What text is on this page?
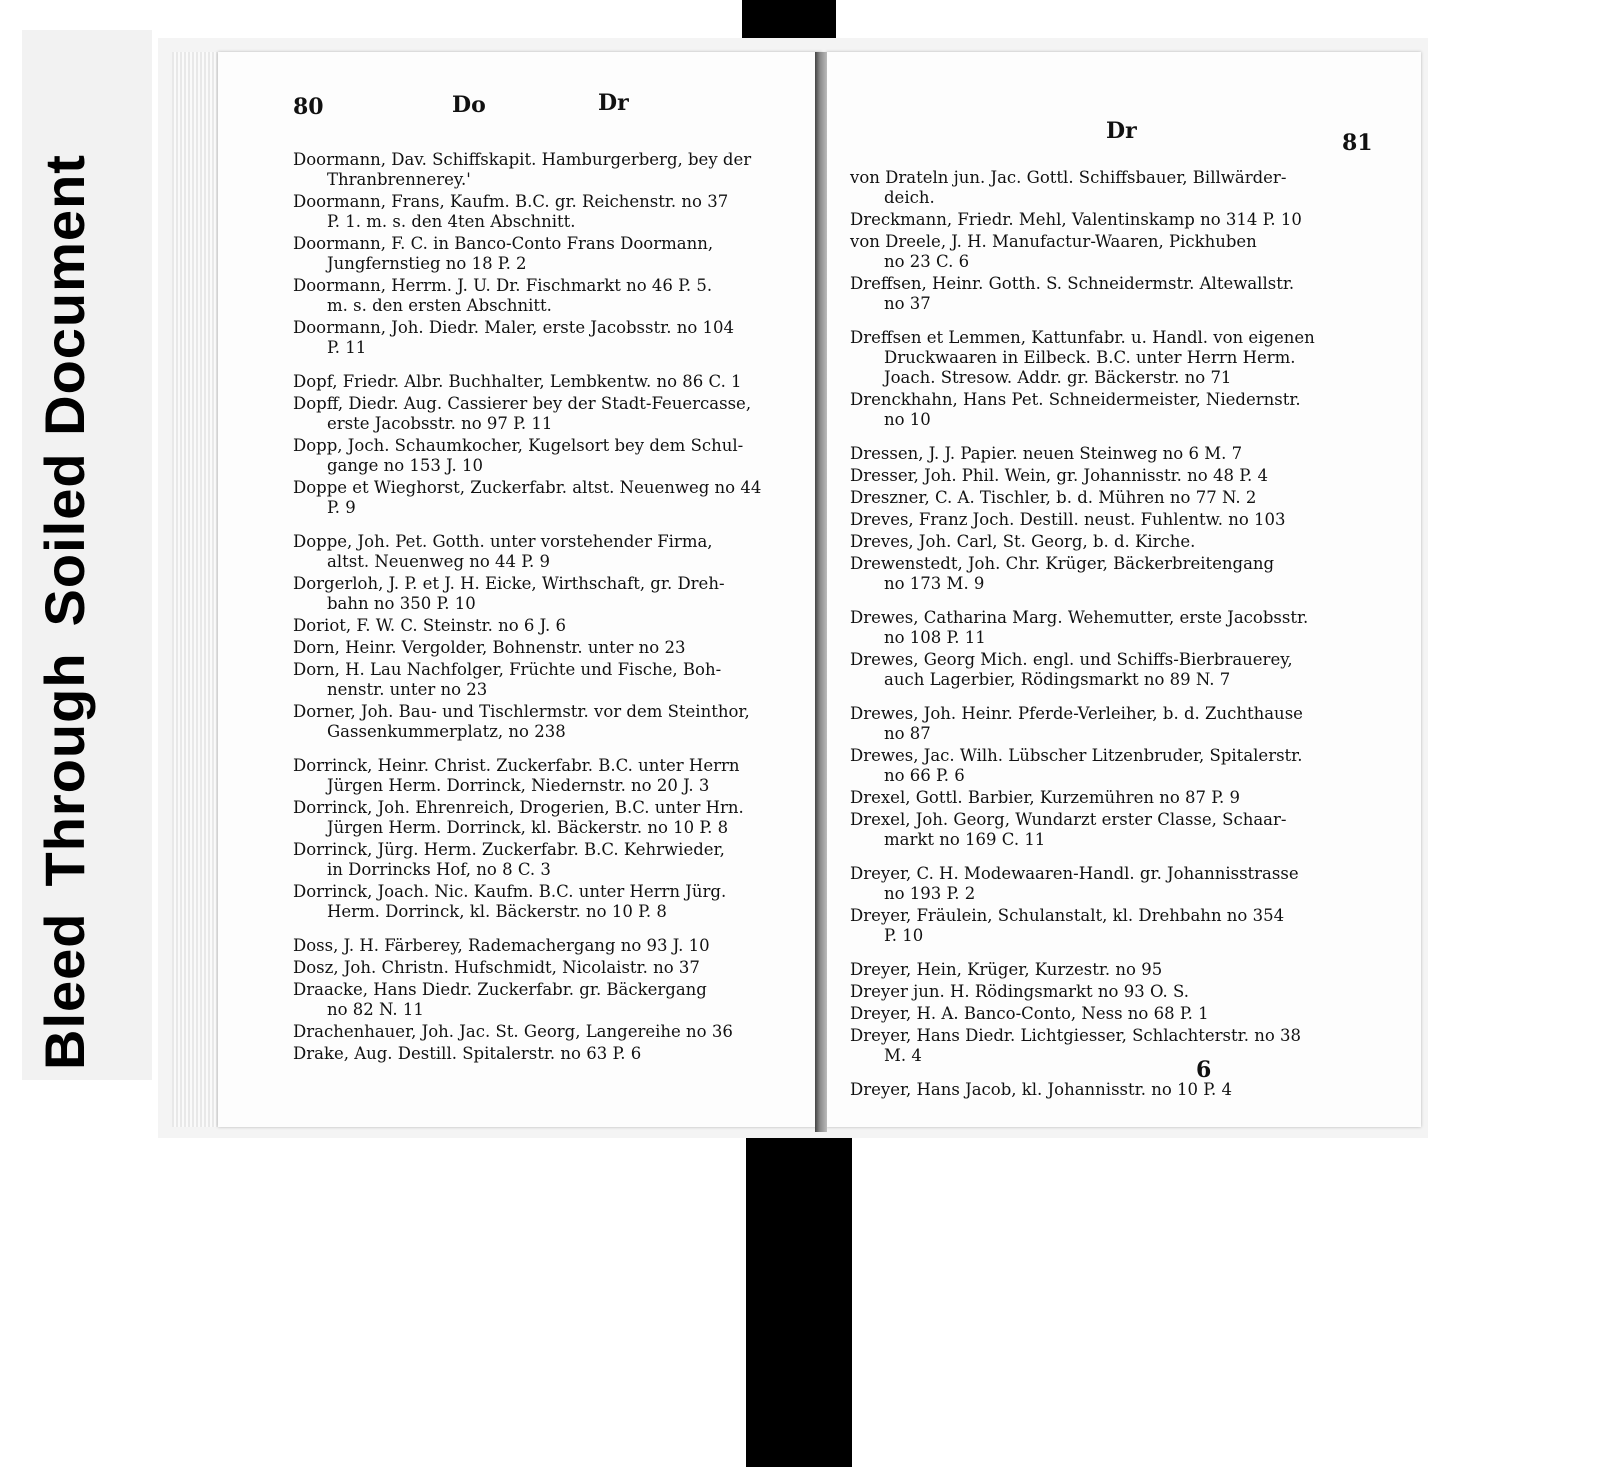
BleedThroughSoiled Document
80	Do	Dr
Dr	81
Doormann, Dav. Schiffskapit. Hamburgerberg, bey der
Thranbrennerey.'
Doormann, Frans, Kaufm. B.C. gr. Reichenstr. no 37
P. 1. m. s. den 4ten Abschnitt.
Doormann, F. C. in Banco-Conto Frans Doormann,
Jungfernstieg no 18 P. 2
Doormann, Herrm. J. U. Dr. Fischmarkt no 46 P. 5.
m. s. den ersten Abschnitt.
Doormann, Joh. Diedr. Maler, erste Jacobsstr. no 104
P. 11
Dopf, Friedr. Albr. Buchhalter, Lembkentw. no 86 C. 1
Dopff, Diedr. Aug. Cassierer bey der Stadt-Feuercasse,
erste Jacobsstr. no 97 P. 11
Dopp, Joch. Schaumkocher, Kugelsort bey dem Schul-
gange no 153 J. 10
Doppe et Wieghorst, Zuckerfabr. altst. Neuenweg no 44
P. 9
Doppe, Joh. Pet. Gotth. unter vorstehender Firma,
altst. Neuenweg no 44 P. 9
Dorgerloh, J. P. et J. H. Eicke, Wirthschaft, gr. Dreh-
bahn no 350 P. 10
Doriot, F. W. C. Steinstr. no 6 J. 6
Dorn, Heinr. Vergolder, Bohnenstr. unter no 23
Dorn, H. Lau Nachfolger, Früchte und Fische, Boh-
nenstr. unter no 23
Dorner, Joh. Bau- und Tischlermstr. vor dem Steinthor,
Gassenkummerplatz, no 238
Dorrinck, Heinr. Christ. Zuckerfabr. B.C. unter Herrn
Jürgen Herm. Dorrinck, Niedernstr. no 20 J. 3
Dorrinck, Joh. Ehrenreich, Drogerien, B.C. unter Hrn.
Jürgen Herm. Dorrinck, kl. Bäckerstr. no 10 P. 8
Dorrinck, Jürg. Herm. Zuckerfabr. B.C. Kehrwieder,
in Dorrincks Hof, no 8 C. 3
Dorrinck, Joach. Nic. Kaufm. B.C. unter Herrn Jürg.
Herm. Dorrinck, kl. Bäckerstr. no 10 P. 8
Doss, J. H. Färberey, Rademachergang no 93 J. 10
Dosz, Joh. Christn. Hufschmidt, Nicolaistr. no 37
Draacke, Hans Diedr. Zuckerfabr. gr. Bäckergang
no 82 N. 11
Drachenhauer, Joh. Jac. St. Georg, Langereihe no 36
Drake, Aug. Destill. Spitalerstr. no 63 P. 6
von Drateln jun. Jac. Gottl. Schiffsbauer, Billwärder-
deich.
Dreckmann, Friedr. Mehl, Valentinskamp no 314 P. 10
von Dreele, J. H. Manufactur-Waaren, Pickhuben
no 23 C. 6
Dreffsen, Heinr. Gotth. S. Schneidermstr. Altewallstr.
no 37
Dreffsen et Lemmen, Kattunfabr. u. Handl. von eigenen
Druckwaaren in Eilbeck. B.C. unter Herrn Herm.
Joach. Stresow. Addr. gr. Bäckerstr. no 71
Drenckhahn, Hans Pet. Schneidermeister, Niedernstr.
no 10
Dressen, J. J. Papier. neuen Steinweg no 6 M. 7
Dresser, Joh. Phil. Wein, gr. Johannisstr. no 48 P. 4
Dreszner, C. A. Tischler, b. d. Mühren no 77 N. 2
Dreves, Franz Joch. Destill. neust. Fuhlentw. no 103
Dreves, Joh. Carl, St. Georg, b. d. Kirche.
Drewenstedt, Joh. Chr. Krüger, Bäckerbreitengang
no 173 M. 9
Drewes, Catharina Marg. Wehemutter, erste Jacobsstr.
no 108 P. 11
Drewes, Georg Mich. engl. und Schiffs-Bierbrauerey,
auch Lagerbier, Rödingsmarkt no 89 N. 7
Drewes, Joh. Heinr. Pferde-Verleiher, b. d. Zuchthause
no 87
Drewes, Jac. Wilh. Lübscher Litzenbruder, Spitalerstr.
no 66 P. 6
Drexel, Gottl. Barbier, Kurzemühren no 87 P. 9
Drexel, Joh. Georg, Wundarzt erster Classe, Schaar-
markt no 169 C. 11
Dreyer, C. H. Modewaaren-Handl. gr. Johannisstrasse
no 193 P. 2
Dreyer, Fräulein, Schulanstalt, kl. Drehbahn no 354
P. 10
Dreyer, Hein, Krüger, Kurzestr. no 95
Dreyer jun. H. Rödingsmarkt no 93 O. S.
Dreyer, H. A. Banco-Conto, Ness no 68 P. 1
Dreyer, Hans Diedr. Lichtgiesser, Schlachterstr. no 38
M. 4
Dreyer, Hans Jacob, kl. Johannisstr. no 10 P. 4
6
